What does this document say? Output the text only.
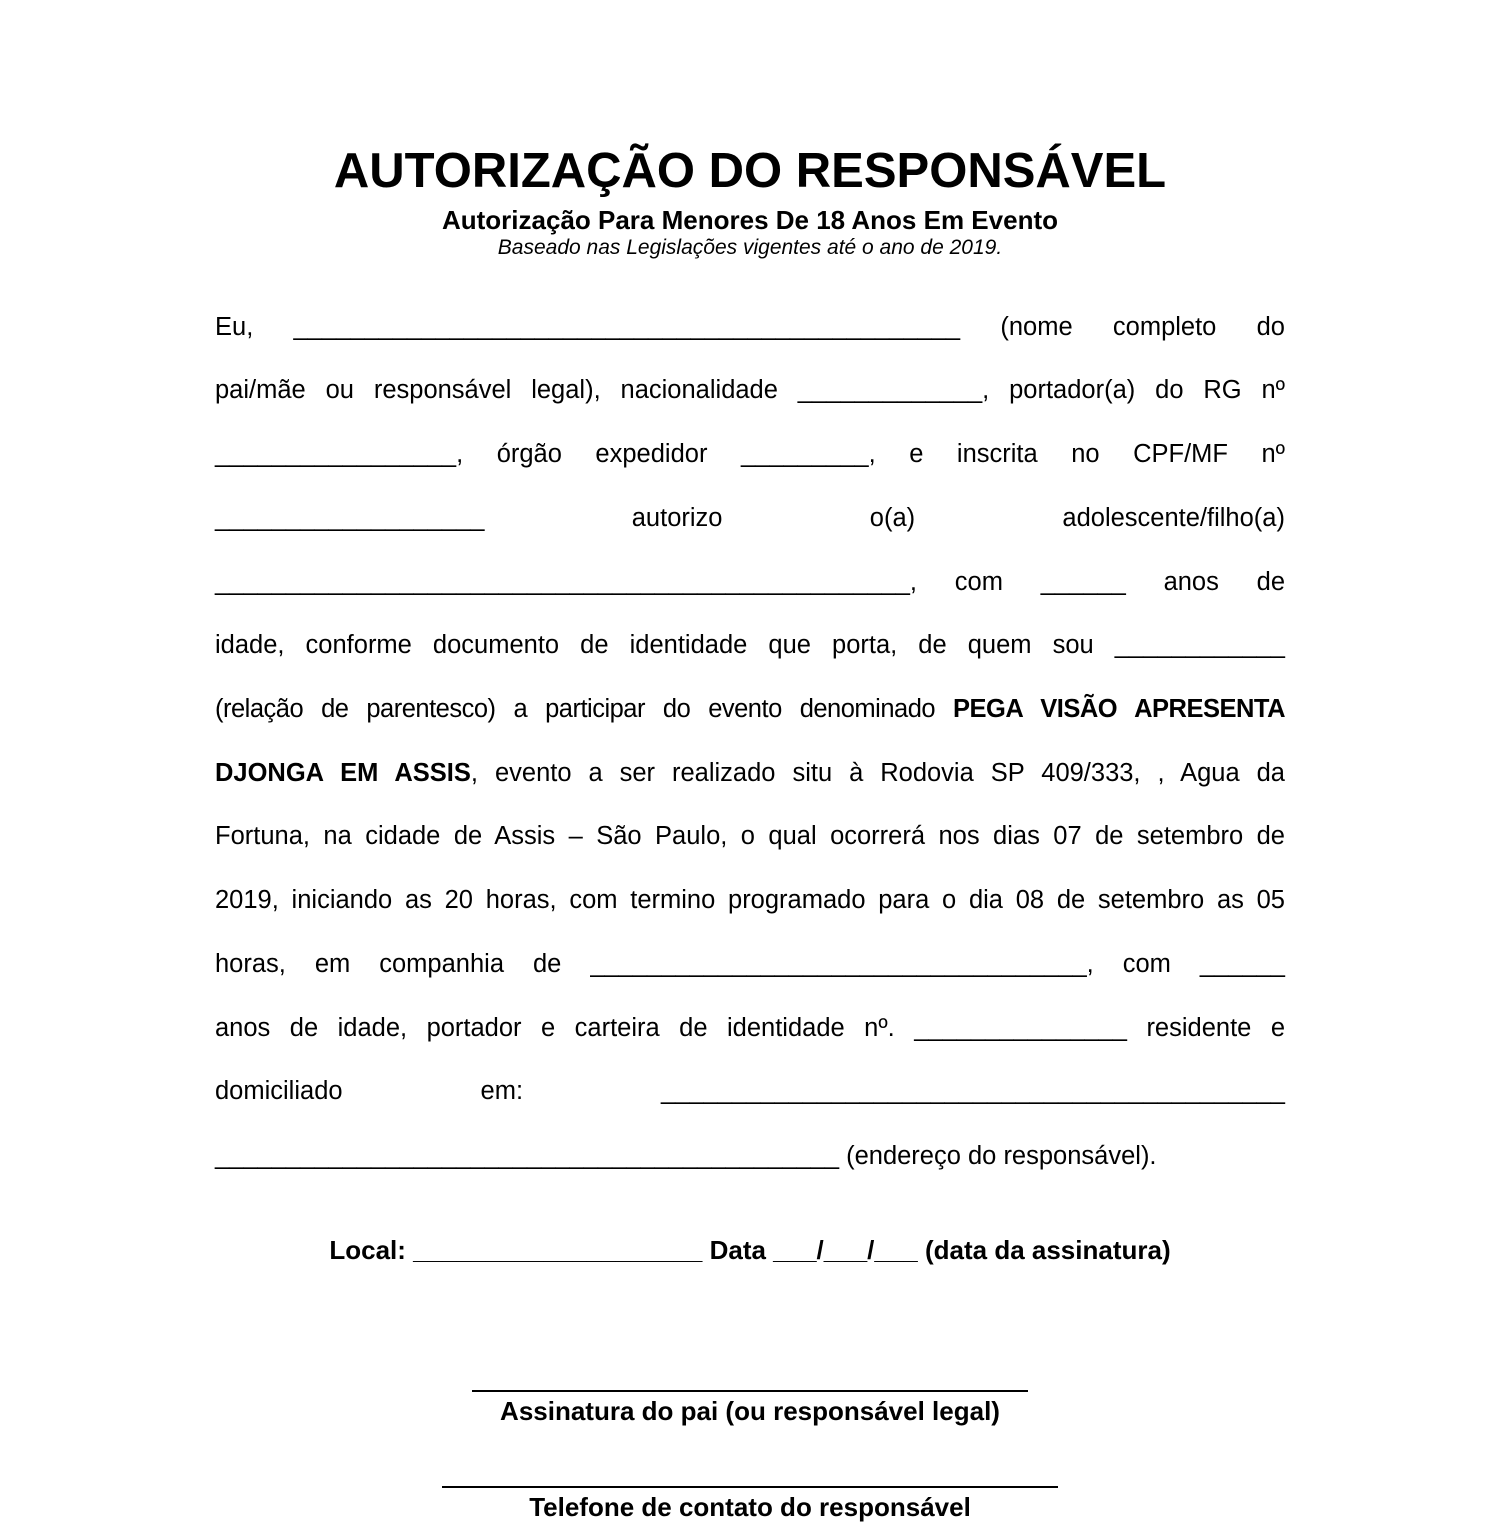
AUTORIZAÇÃO DO RESPONSÁVEL
Autorização Para Menores De 18 Anos Em Evento
Baseado nas Legislações vigentes até o ano de 2019.
Eu, _______________________________________________ (nome completo do
pai/mãe ou responsável legal), nacionalidade _____________, portador(a) do RG nº
_________________, órgão expedidor _________, e inscrita no CPF/MF nº
___________________	autorizo	o(a)	adolescente/filho(a)
_________________________________________________, com ______ anos de
idade, conforme documento de identidade que porta, de quem sou ____________
(relação de parentesco) a participar do evento denominado PEGA VISÃO APRESENTA
DJONGA EM ASSIS, evento a ser realizado situ à Rodovia SP 409/333, , Agua da
Fortuna, na cidade de Assis – São Paulo, o qual ocorrerá nos dias 07 de setembro de
2019, iniciando as 20 horas, com termino programado para o dia 08 de setembro as 05
horas, em companhia de ___________________________________, com ______
anos de idade, portador e carteira de identidade nº. _______________ residente e
domiciliado em: ____________________________________________
____________________________________________ (endereço do responsável).
Local: ____________________ Data ___/___/___ (data da assinatura)
Assinatura do pai (ou responsável legal)
Telefone de contato do responsável
